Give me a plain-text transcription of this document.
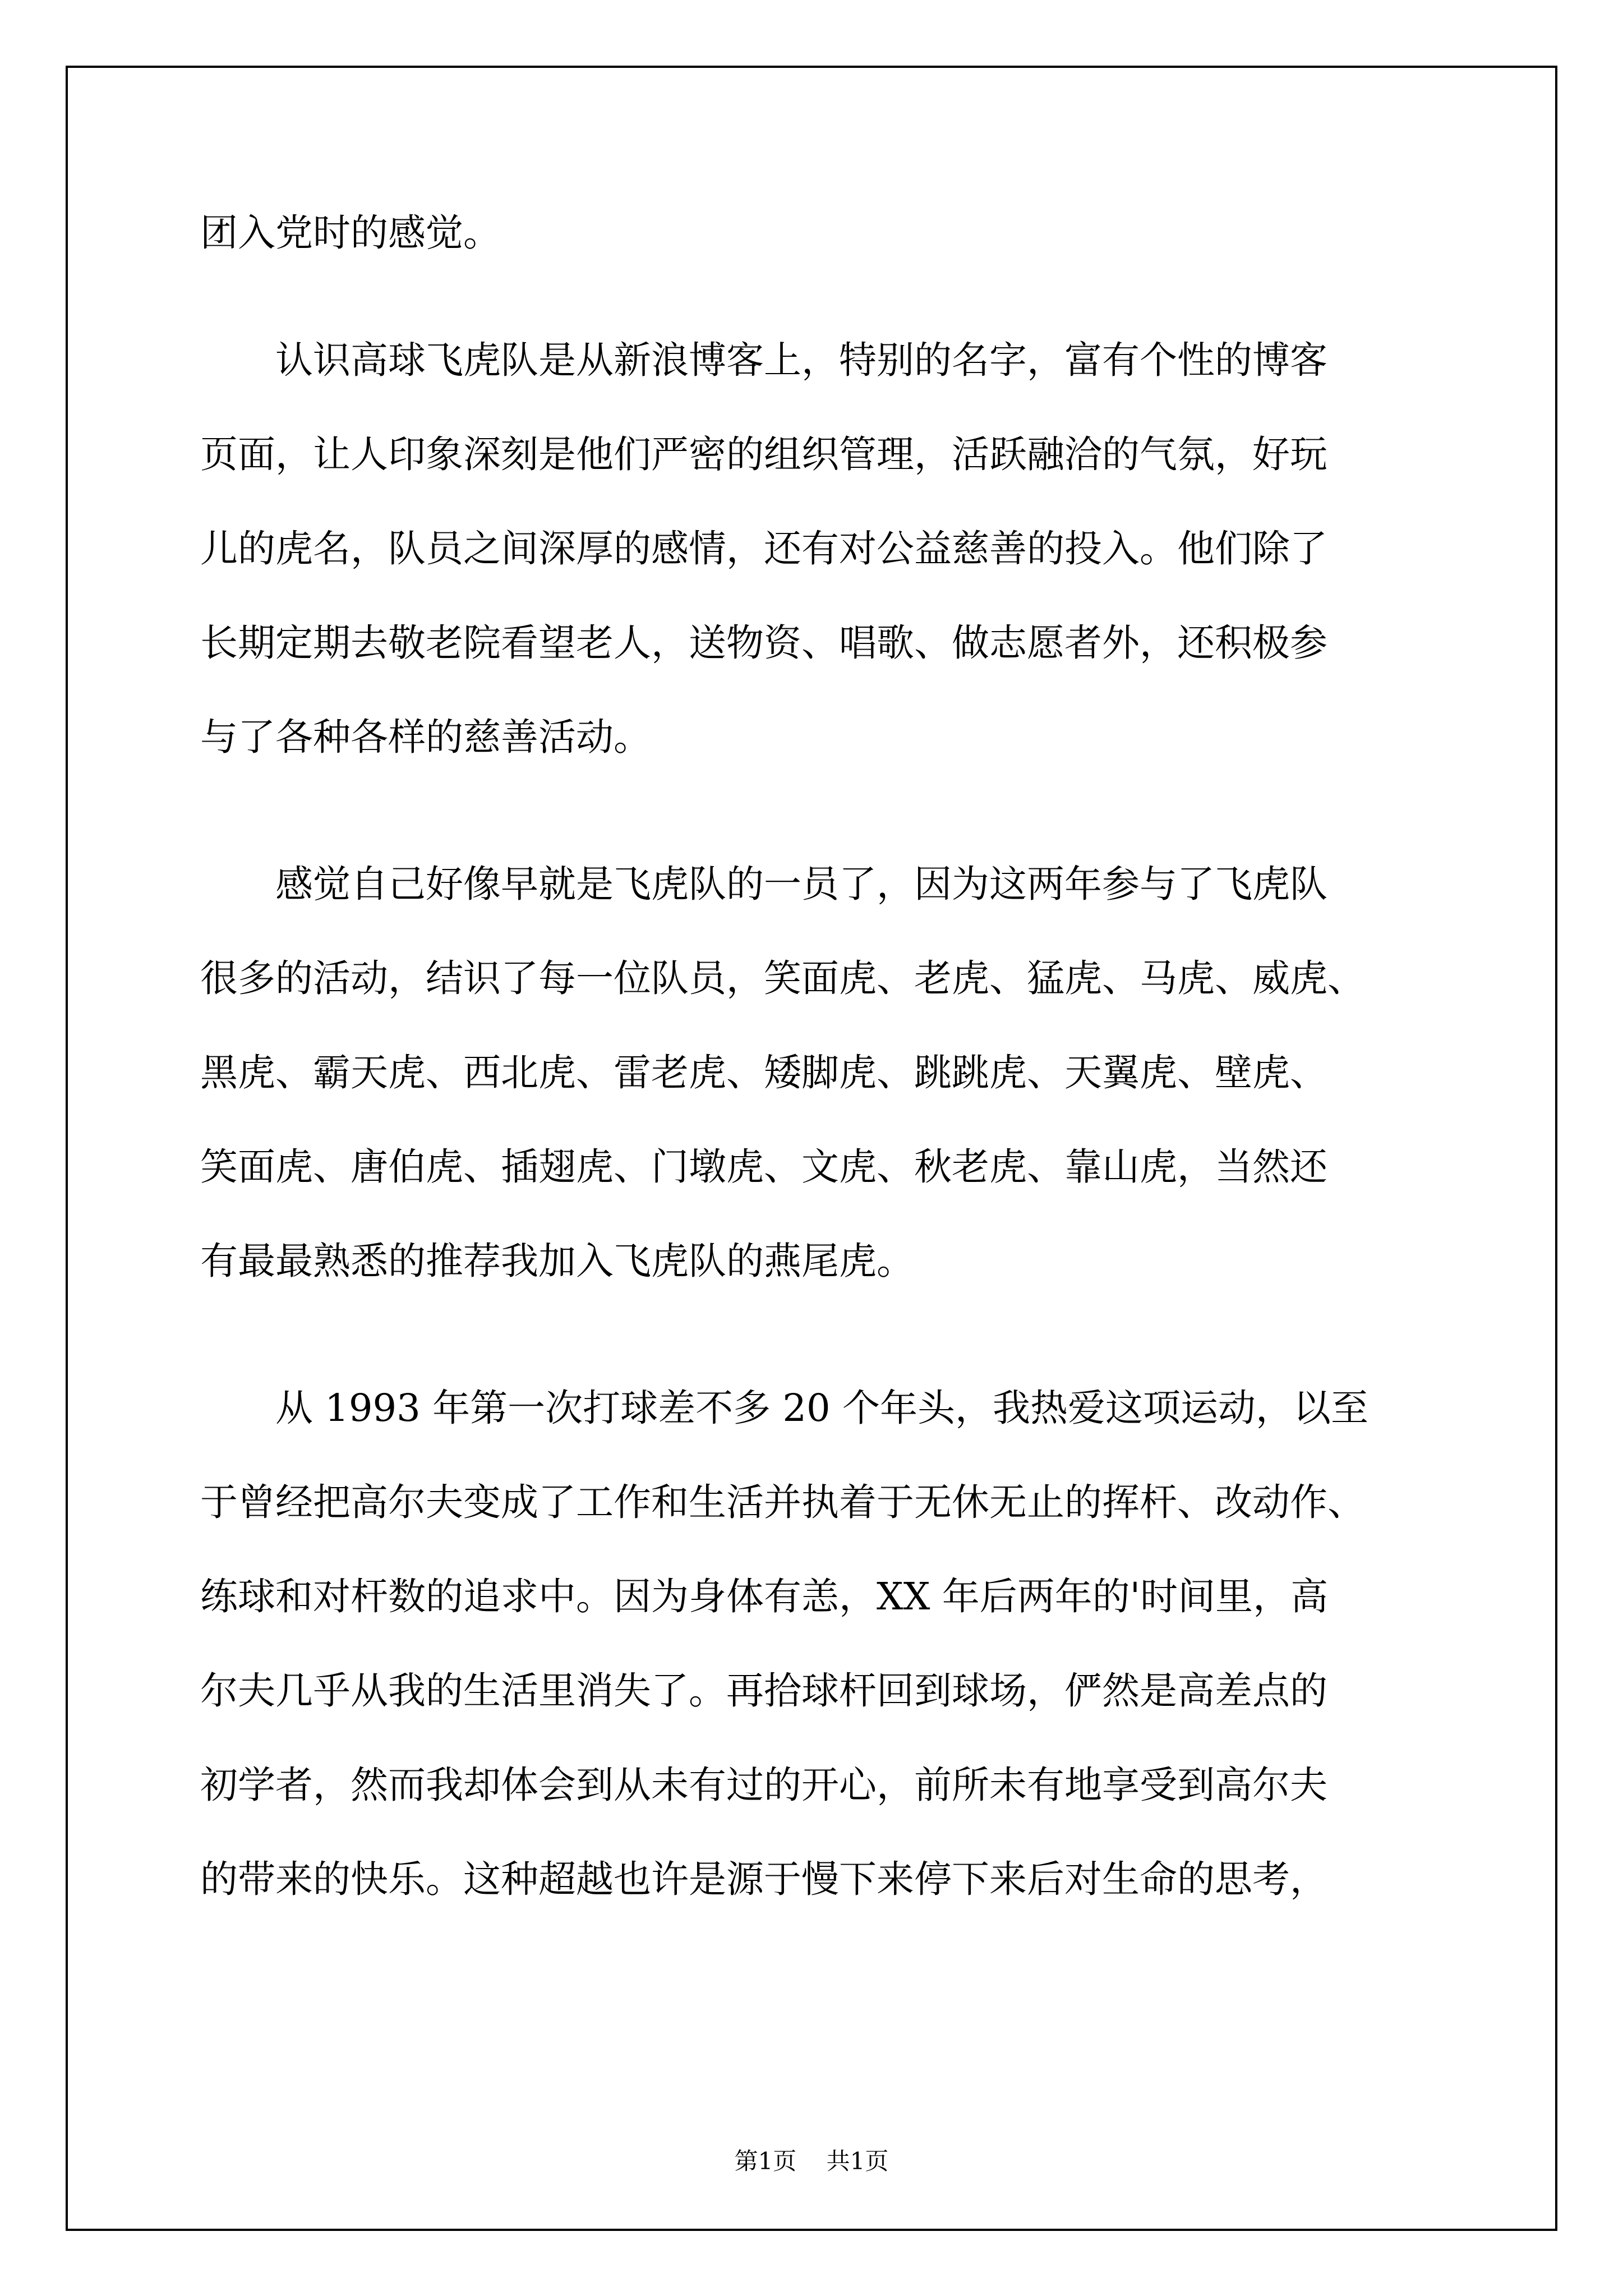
团入党时的感觉。
　　认识高球飞虎队是从新浪博客上，特别的名字，富有个性的博客
页面，让人印象深刻是他们严密的组织管理，活跃融洽的气氛，好玩
儿的虎名，队员之间深厚的感情，还有对公益慈善的投入。他们除了
长期定期去敬老院看望老人，送物资、唱歌、做志愿者外，还积极参
与了各种各样的慈善活动。
　　感觉自己好像早就是飞虎队的一员了，因为这两年参与了飞虎队
很多的活动，结识了每一位队员，笑面虎、老虎、猛虎、马虎、威虎、
黑虎、霸天虎、西北虎、雷老虎、矮脚虎、跳跳虎、天翼虎、壁虎、
笑面虎、唐伯虎、插翅虎、门墩虎、文虎、秋老虎、靠山虎，当然还
有最最熟悉的推荐我加入飞虎队的燕尾虎。
　　从 1993 年第一次打球差不多 20 个年头，我热爱这项运动，以至
于曾经把高尔夫变成了工作和生活并执着于无休无止的挥杆、改动作、
练球和对杆数的追求中。因为身体有恙，XX 年后两年的'时间里，高
尔夫几乎从我的生活里消失了。再拾球杆回到球场，俨然是高差点的
初学者，然而我却体会到从未有过的开心，前所未有地享受到高尔夫
的带来的快乐。这种超越也许是源于慢下来停下来后对生命的思考，
第1页 共1页
